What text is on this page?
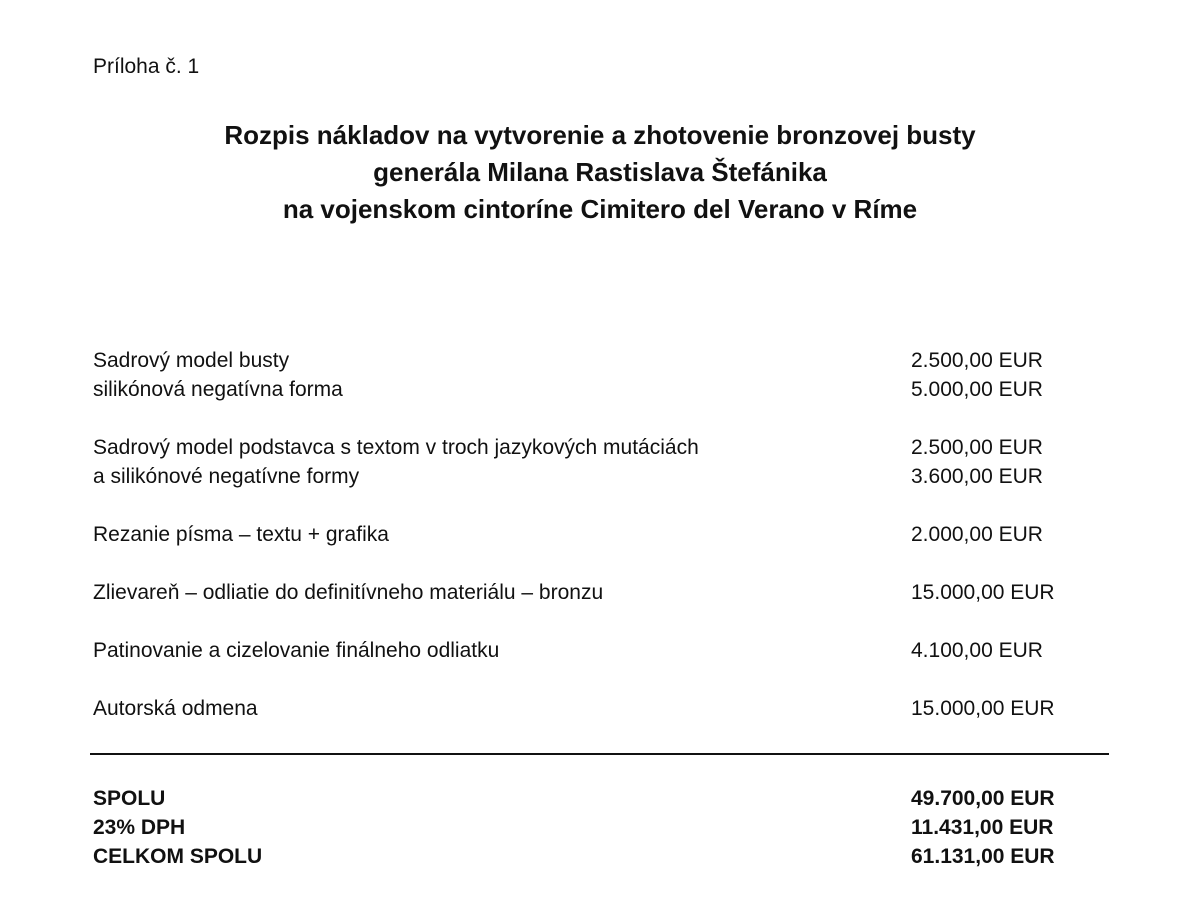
Príloha č. 1
Rozpis nákladov na vytvorenie a zhotovenie bronzovej busty
generála Milana Rastislava Štefánika
na vojenskom cintoríne Cimitero del Verano v Ríme
Sadrový model busty	2.500,00 EUR
silikónová negatívna forma	5.000,00 EUR
Sadrový model podstavca s textom v troch jazykových mutáciách	2.500,00 EUR
a silikónové negatívne formy	3.600,00 EUR
Rezanie písma – textu + grafika	2.000,00 EUR
Zlievareň – odliatie do definitívneho materiálu – bronzu	15.000,00 EUR
Patinovanie a cizelovanie finálneho odliatku	4.100,00 EUR
Autorská odmena	15.000,00 EUR
SPOLU	49.700,00 EUR
23% DPH	11.431,00 EUR
CELKOM SPOLU	61.131,00 EUR
